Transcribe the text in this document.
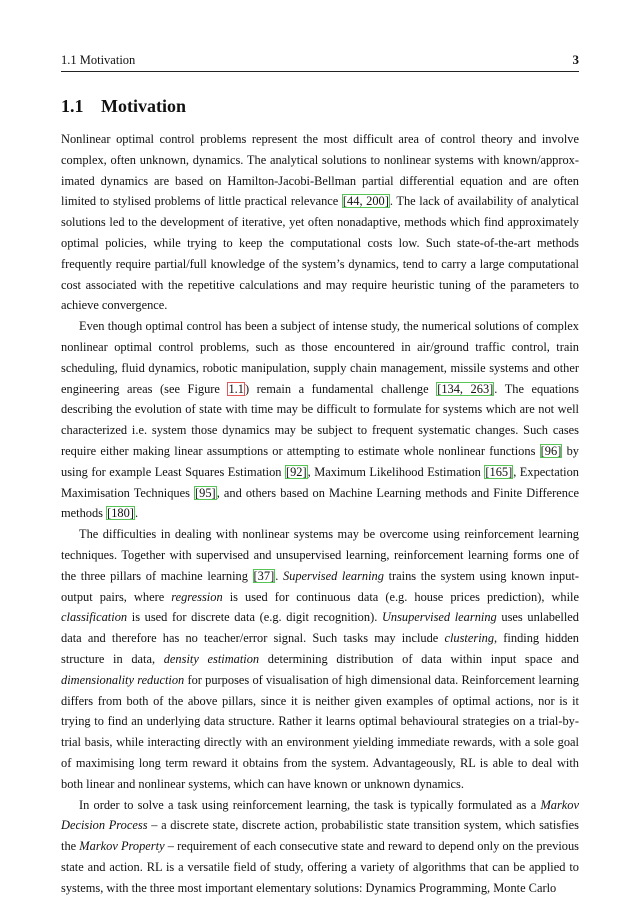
1.1 Motivation	3
1.1 Motivation

Nonlinear optimal control problems represent the most difficult area of control theory and involve complex, often unknown, dynamics. The analytical solutions to nonlinear systems with known/approx-imated dynamics are based on Hamilton-Jacobi-Bellman partial differential equation and are often limited to stylised problems of little practical relevance [44, 200]. The lack of availability of analytical solutions led to the development of iterative, yet often nonadaptive, methods which find approximately optimal policies, while trying to keep the computational costs low. Such state-of-the-art methods frequently require partial/full knowledge of the system’s dynamics, tend to carry a large computational cost associated with the repetitive calculations and may require heuristic tuning of the parameters to achieve convergence.

Even though optimal control has been a subject of intense study, the numerical solutions of complex nonlinear optimal control problems, such as those encountered in air/ground traffic control, train scheduling, fluid dynamics, robotic manipulation, supply chain management, missile systems and other engineering areas (see Figure 1.1) remain a fundamental challenge [134, 263]. The equations describing the evolution of state with time may be difficult to formulate for systems which are not well characterized i.e. system those dynamics may be subject to frequent systematic changes. Such cases require either making linear assumptions or attempting to estimate whole nonlinear functions [96] by using for example Least Squares Estimation [92], Maximum Likelihood Estimation [165], Expectation Maximisation Techniques [95], and others based on Machine Learning methods and Finite Difference methods [180].

The difficulties in dealing with nonlinear systems may be overcome using reinforcement learning techniques. Together with supervised and unsupervised learning, reinforcement learning forms one of the three pillars of machine learning [37]. Supervised learning trains the system using known input-output pairs, where regression is used for continuous data (e.g. house prices prediction), while classification is used for discrete data (e.g. digit recognition). Unsupervised learning uses unlabelled data and therefore has no teacher/error signal. Such tasks may include clustering, finding hidden structure in data, density estimation determining distribution of data within input space and dimensionality reduction for purposes of visualisation of high dimensional data. Reinforcement learning differs from both of the above pillars, since it is neither given examples of optimal actions, nor is it trying to find an underlying data structure. Rather it learns optimal behavioural strategies on a trial-by-trial basis, while interacting directly with an environment yielding immediate rewards, with a sole goal of maximising long term reward it obtains from the system. Advantageously, RL is able to deal with both linear and nonlinear systems, which can have known or unknown dynamics.

In order to solve a task using reinforcement learning, the task is typically formulated as a Markov Decision Process – a discrete state, discrete action, probabilistic state transition system, which satisfies the Markov Property – requirement of each consecutive state and reward to depend only on the previous state and action. RL is a versatile field of study, offering a variety of algorithms that can be applied to systems, with the three most important elementary solutions: Dynamics Programming, Monte Carlo
